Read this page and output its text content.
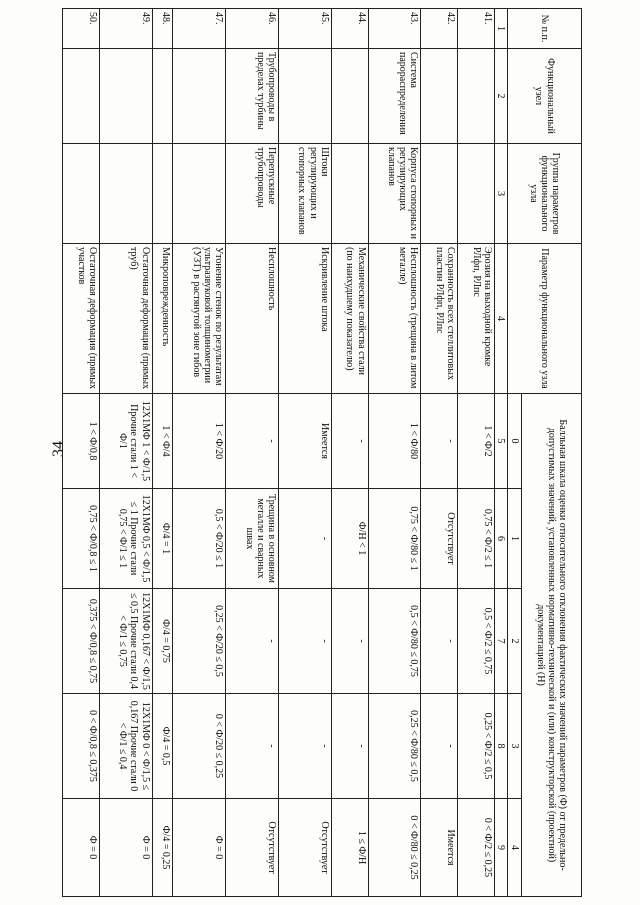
34
№ п.п.	Функциональный узел	Группа параметров функционального узла	Параметр функционального узла	Балльная шкала оценки относительного отклонения фактических значений параметров (Ф) от предельно-допустимых значений, установленных нормативно-технической и (или) конструкторской (проектной) документацией (Н)				
				0	1	2	3	4
1	2	3	4	5	6	7	8	9
41.			Эрозия на выходной кромке РЛфп, РЛпс	1 < Ф/2	0,75 < Ф/2 ≤ 1	0,5 < Ф/2 ≤ 0,75	0,25 < Ф/2 ≤ 0,5	0 < Ф/2 ≤ 0,25
42.			Сохранность всех стеллитовых пластин РЛфп, РЛпс	-	Отсутствует	-	-	Имеется
43.	Система парораспределения	Корпуса стопорных и регулирующих клапанов	Несплошность (трещина в литом металле)	1 < Ф/80	0,75 < Ф/80 ≤ 1	0,5 < Ф/80 ≤ 0,75	0,25 < Ф/80 ≤ 0,5	0 < Ф/80 ≤ 0,25
44.			Механические свойства стали (по наихудшему показателю)	-	Ф/Н < 1	-	-	1 ≤ Ф/Н
45.		Штоки регулирующих и стопорных клапанов	Искривление штока	Имеется	-	-	-	Отсутствует
46.	Трубопроводы в пределах турбины	Перепускные трубопроводы	Несплошность	-	Трещина в основном металле и сварных швах	-	-	Отсутствует
47.			Утонение стенок по результатам ультразвуковой толщинометрии (УЗТ) в растянутой зоне гибов	1 < Ф/20	0,5 < Ф/20 ≤ 1	0,25 < Ф/20 ≤ 0,5	0 < Ф/20 ≤ 0,25	Ф = 0
48.			Микроповрежденность	1 < Ф/4	Ф/4 = 1	Ф/4 = 0,75	Ф/4 = 0,5	Ф/4 = 0,25
49.			Остаточная деформация (прямых труб)	12Х1МФ 1 < Ф/1,5 Прочие стали 1 < Ф/1	12Х1МФ 0,5 < Ф/1,5 ≤ 1 Прочие стали 0,75 < Ф/1 ≤ 1	12Х1МФ 0,167 < Ф/1,5 ≤ 0,5 Прочие стали 0,4 < Ф/1 ≤ 0,75	12Х1МФ 0 < Ф/1,5 ≤ 0,167 Прочие стали 0 < Ф/1 ≤ 0,4	Ф = 0
50.			Остаточная деформация (прямых участков	1 < Ф/0,8	0,75 < Ф/0,8 ≤ 1	0,375 < Ф/0,8 ≤ 0,75	0 < Ф/0,8 ≤ 0,375	Ф = 0
